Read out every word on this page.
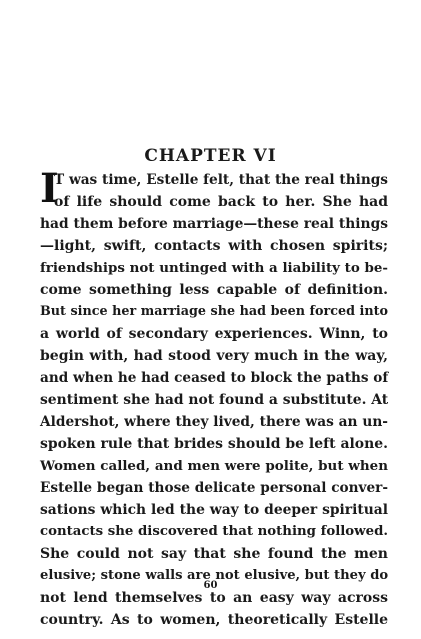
CHAPTER VI
I
T was time, Estelle felt, that the real things
of life should come back to her. She had
had them before marriage—these real things
—light, swift, contacts with chosen spirits;
friendships not untinged with a liability to be-
come something less capable of definition.
But since her marriage she had been forced into
a world of secondary experiences. Winn, to
begin with, had stood very much in the way,
and when he had ceased to block the paths of
sentiment she had not found a substitute. At
Aldershot, where they lived, there was an un-
spoken rule that brides should be left alone.
Women called, and men were polite, but when
Estelle began those delicate personal conver-
sations which led the way to deeper spiritual
contacts she discovered that nothing followed.
She could not say that she found the men
elusive; stone walls are not elusive, but they do
not lend themselves to an easy way across
country. As to women, theoretically Estelle
60
